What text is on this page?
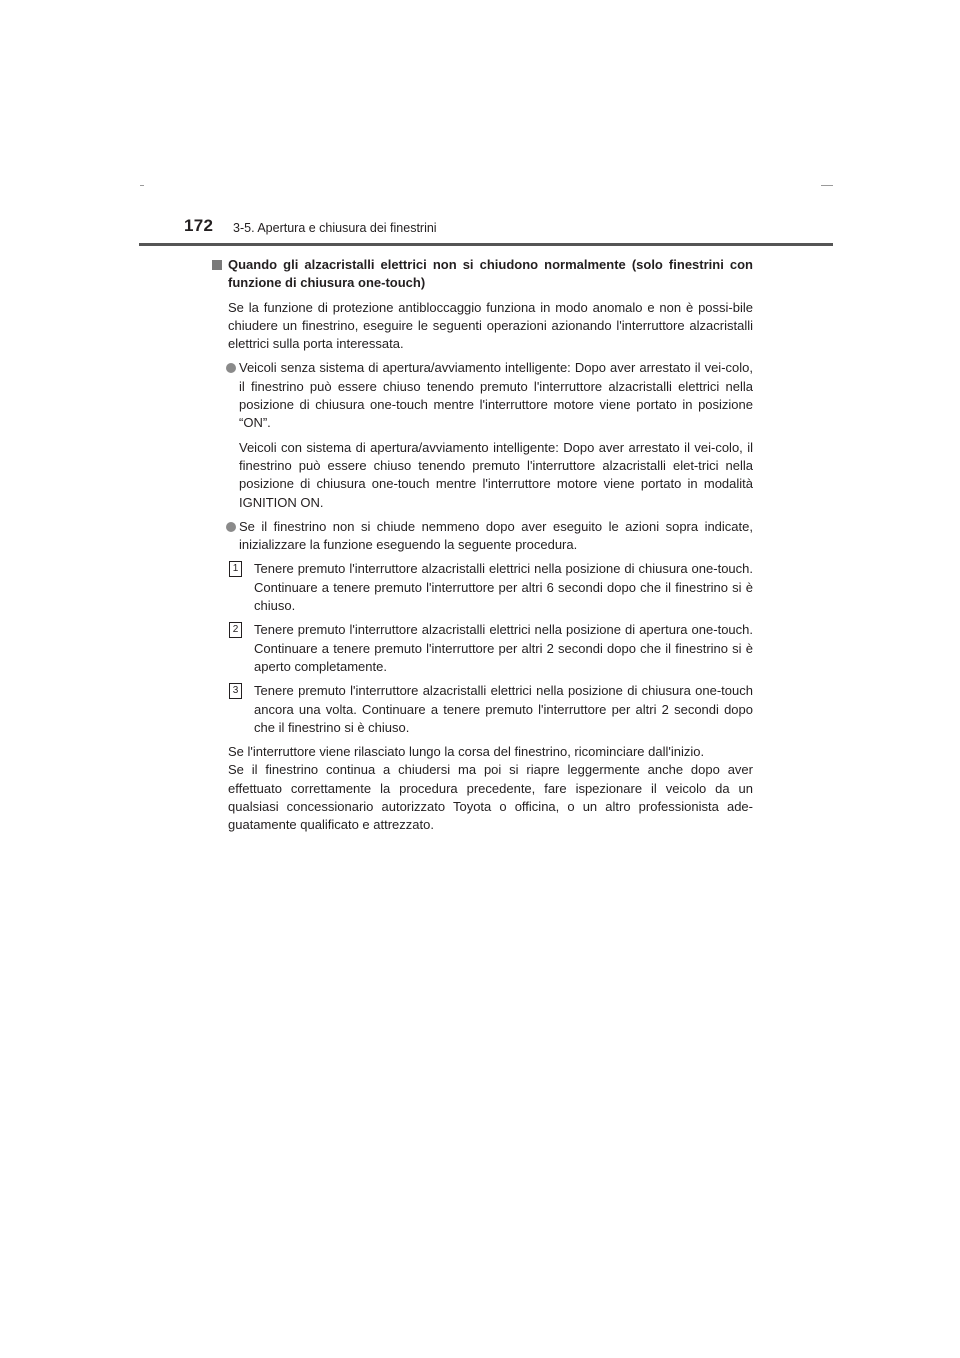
172 3-5. Apertura e chiusura dei finestrini

Quando gli alzacristalli elettrici non si chiudono normalmente (solo finestrini con funzione di chiusura one-touch)

Se la funzione di protezione antibloccaggio funziona in modo anomalo e non è possi-bile chiudere un finestrino, eseguire le seguenti operazioni azionando l'interruttore alzacristalli elettrici sulla porta interessata.

Veicoli senza sistema di apertura/avviamento intelligente: Dopo aver arrestato il vei-colo, il finestrino può essere chiuso tenendo premuto l'interruttore alzacristalli elettrici nella posizione di chiusura one-touch mentre l'interruttore motore viene portato in posizione “ON”.

Veicoli con sistema di apertura/avviamento intelligente: Dopo aver arrestato il vei-colo, il finestrino può essere chiuso tenendo premuto l'interruttore alzacristalli elet-trici nella posizione di chiusura one-touch mentre l'interruttore motore viene portato in modalità IGNITION ON.

Se il finestrino non si chiude nemmeno dopo aver eseguito le azioni sopra indicate, inizializzare la funzione eseguendo la seguente procedura.

1 Tenere premuto l'interruttore alzacristalli elettrici nella posizione di chiusura one-touch. Continuare a tenere premuto l'interruttore per altri 6 secondi dopo che il finestrino si è chiuso.

2 Tenere premuto l'interruttore alzacristalli elettrici nella posizione di apertura one-touch. Continuare a tenere premuto l'interruttore per altri 2 secondi dopo che il finestrino si è aperto completamente.

3 Tenere premuto l'interruttore alzacristalli elettrici nella posizione di chiusura one-touch ancora una volta. Continuare a tenere premuto l'interruttore per altri 2 secondi dopo che il finestrino si è chiuso.

Se l'interruttore viene rilasciato lungo la corsa del finestrino, ricominciare dall'inizio.

Se il finestrino continua a chiudersi ma poi si riapre leggermente anche dopo aver effettuato correttamente la procedura precedente, fare ispezionare il veicolo da un qualsiasi concessionario autorizzato Toyota o officina, o un altro professionista ade-guatamente qualificato e attrezzato.
